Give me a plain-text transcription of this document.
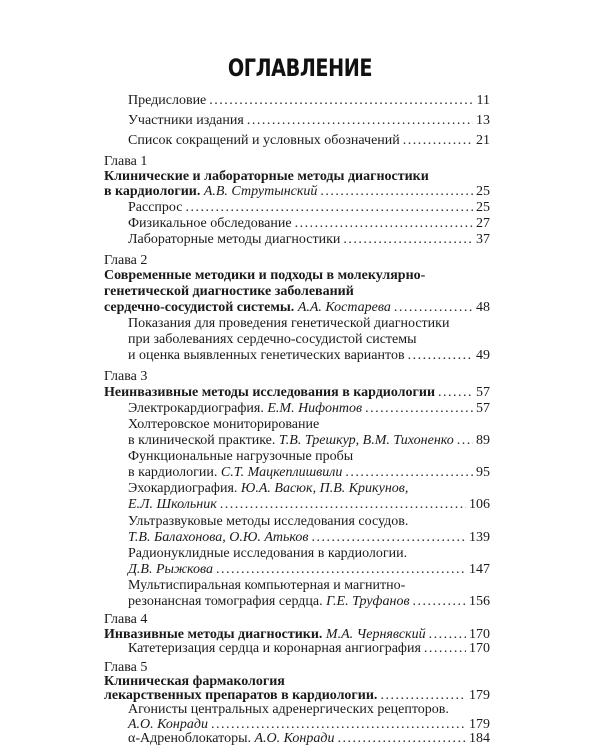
ОГЛАВЛЕНИЕ
Предисловие . . .	11
Участники издания . . .	13
Список сокращений и условных обозначений . . .	21
Глава 1
Клинические и лабораторные методы диагностики
в кардиологии. А.В. Струтынский . . .	25
Расспрос . . .	25
Физикальное обследование . . .	27
Лабораторные методы диагностики . . .	37
Глава 2
Современные методики и подходы в молекулярно-
генетической диагностике заболеваний
сердечно-сосудистой системы. А.А. Костарева . . .	48
Показания для проведения генетической диагностики
при заболеваниях сердечно-сосудистой системы
и оценка выявленных генетических вариантов . . .	49
Глава 3
Неинвазивные методы исследования в кардиологии . . .	57
Электрокардиография. Е.М. Нифонтов . . .	57
Холтеровское мониторирование
в клинической практике. Т.В. Трешкур, В.М. Тихоненко . . . 89
Функциональные нагрузочные пробы
в кардиологии. С.Т. Мацкеплишвили . . .	95
Эхокардиография. Ю.А. Васюк, П.В. Крикунов,
Е.Л. Школьник . . .	106
Ультразвуковые методы исследования сосудов.
Т.В. Балахонова, О.Ю. Атьков . . .	139
Радионуклидные исследования в кардиологии.
Д.В. Рыжкова . . .	147
Мультиспиральная компьютерная и магнитно-
резонансная томография сердца. Г.Е. Труфанов . . .	156
Глава 4
Инвазивные методы диагностики. М.А. Чернявский . . .	170
Катетеризация сердца и коронарная ангиография . . .	170
Глава 5
Клиническая фармакология
лекарственных препаратов в кардиологии. . . .	179
Агонисты центральных адренергических рецепторов.
А.О. Конради . . .	179
α-Адреноблокаторы. А.О. Конради . . .	184
